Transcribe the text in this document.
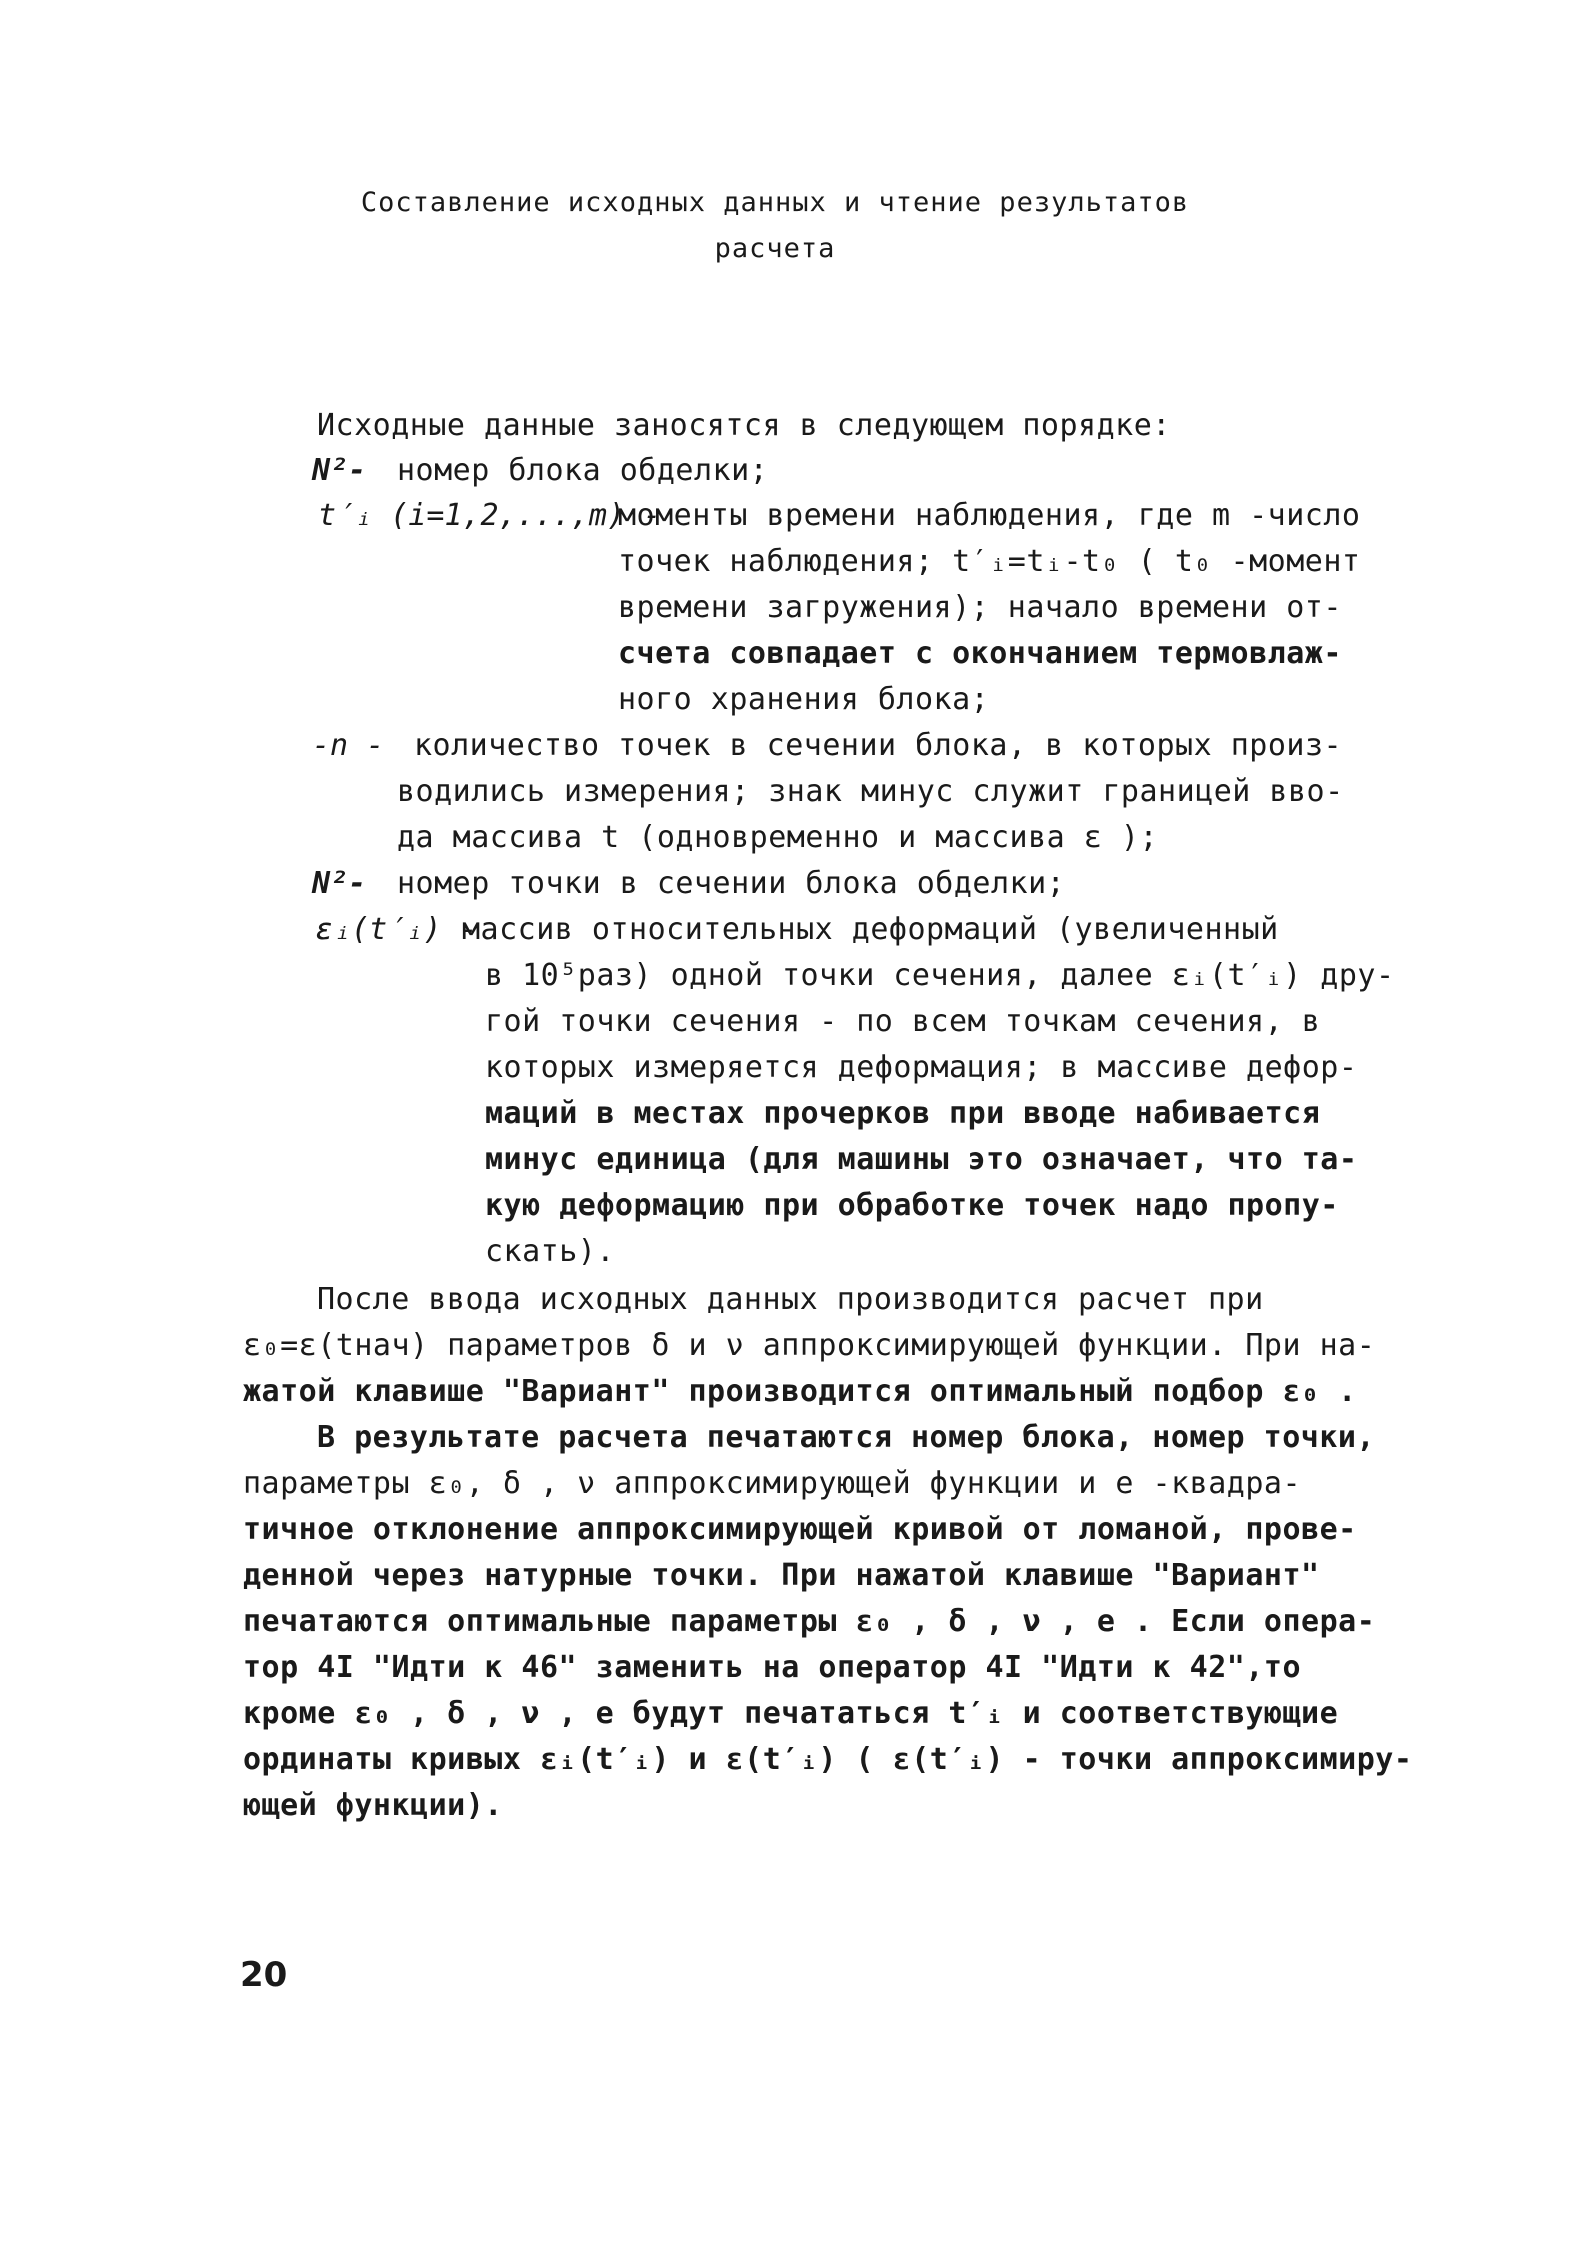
Составление исходных данных и чтение результатов
расчета
Исходные данные заносятся в следующем порядке:
N²- номер блока обделки;
t′ᵢ (i=1,2,...,m) -
моменты времени наблюдения, где m -число
точек наблюдения; t′ᵢ=tᵢ-t₀ ( t₀ -момент
времени загружения); начало времени от-
счета совпадает с окончанием термовлаж-
ного хранения блока;
-n - количество точек в сечении блока, в которых произ-
водились измерения; знак минус служит границей вво-
да массива t (одновременно и массива ε );
N²- номер точки в сечении блока обделки;
εᵢ(t′ᵢ) -
массив относительных деформаций (увеличенный
в 10⁵раз) одной точки сечения, далее εᵢ(t′ᵢ) дру-
гой точки сечения - по всем точкам сечения, в
которых измеряется деформация; в массиве дефор-
маций в местах прочерков при вводе набивается
минус единица (для машины это означает, что та-
кую деформацию при обработке точек надо пропу-
скать).
После ввода исходных данных производится расчет при
ε₀=ε(tнач) параметров δ и ν аппроксимирующей функции. При на-
жатой клавише "Вариант" производится оптимальный подбор ε₀ .
В результате расчета печатаются номер блока, номер точки,
параметры ε₀, δ , ν аппроксимирующей функции и e -квадра-
тичное отклонение аппроксимирующей кривой от ломаной, прове-
денной через натурные точки. При нажатой клавише "Вариант"
печатаются оптимальные параметры ε₀ , δ , ν , e . Если опера-
тор 4I "Идти к 46" заменить на оператор 4I "Идти к 42",то
кроме ε₀ , δ , ν , e будут печататься t′ᵢ и соответствующие
ординаты кривых εᵢ(t′ᵢ) и ε(t′ᵢ) ( ε(t′ᵢ) - точки аппроксимиру-
ющей функции).
20
